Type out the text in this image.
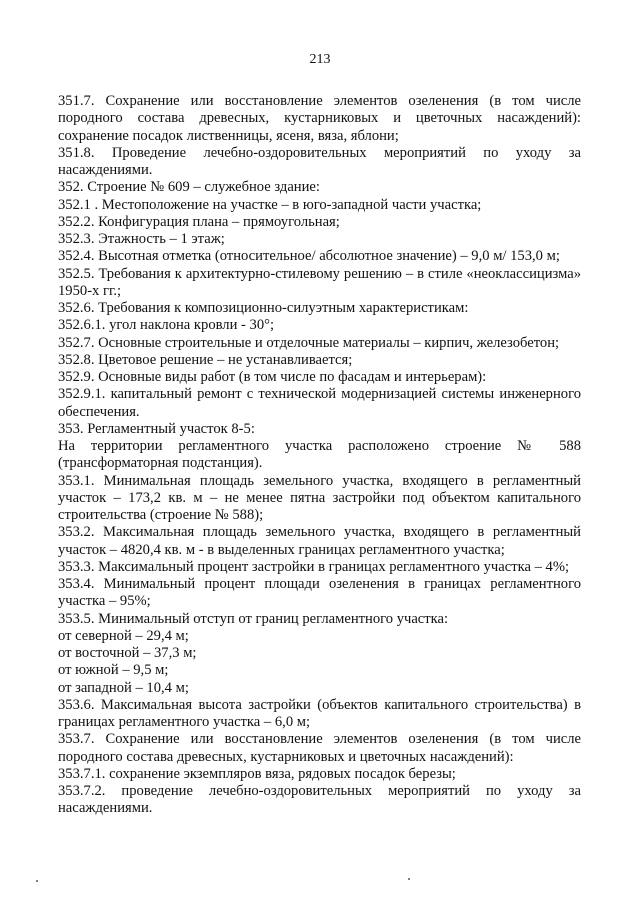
213

351.7. Сохранение или восстановление элементов озеленения (в том числе породного состава древесных, кустарниковых и цветочных насаждений): сохранение посадок лиственницы, ясеня, вяза, яблони;

351.8. Проведение лечебно-оздоровительных мероприятий по уходу за насаждениями.

352. Строение № 609 – служебное здание:

352.1 . Местоположение на участке – в юго-западной части участка;

352.2. Конфигурация плана – прямоугольная;

352.3. Этажность – 1 этаж;

352.4. Высотная отметка (относительное/ абсолютное значение) – 9,0 м/ 153,0 м;

352.5. Требования к архитектурно-стилевому решению – в стиле «неоклассицизма» 1950-х гг.;

352.6. Требования к композиционно-силуэтным характеристикам:

352.6.1. угол наклона кровли - 30°;

352.7. Основные строительные и отделочные материалы – кирпич, железобетон;

352.8. Цветовое решение – не устанавливается;

352.9. Основные виды работ (в том числе по фасадам и интерьерам):

352.9.1. капитальный ремонт с технической модернизацией системы инженерного обеспечения.

353. Регламентный участок 8-5:

На территории регламентного участка расположено строение № 588 (трансформаторная подстанция).

353.1. Минимальная площадь земельного участка, входящего в регламентный участок – 173,2 кв. м – не менее пятна застройки под объектом капитального строительства (строение № 588);

353.2. Максимальная площадь земельного участка, входящего в регламентный участок – 4820,4 кв. м - в выделенных границах регламентного участка;

353.3. Максимальный процент застройки в границах регламентного участка – 4%;

353.4. Минимальный процент площади озеленения в границах регламентного участка – 95%;

353.5. Минимальный отступ от границ регламентного участка:

от северной – 29,4 м;

от восточной – 37,3 м;

от южной – 9,5 м;

от западной – 10,4 м;

353.6. Максимальная высота застройки (объектов капитального строительства) в границах регламентного участка – 6,0 м;

353.7. Сохранение или восстановление элементов озеленения (в том числе породного состава древесных, кустарниковых и цветочных насаждений):

353.7.1. сохранение экземпляров вяза, рядовых посадок березы;

353.7.2. проведение лечебно-оздоровительных мероприятий по уходу за насаждениями.
